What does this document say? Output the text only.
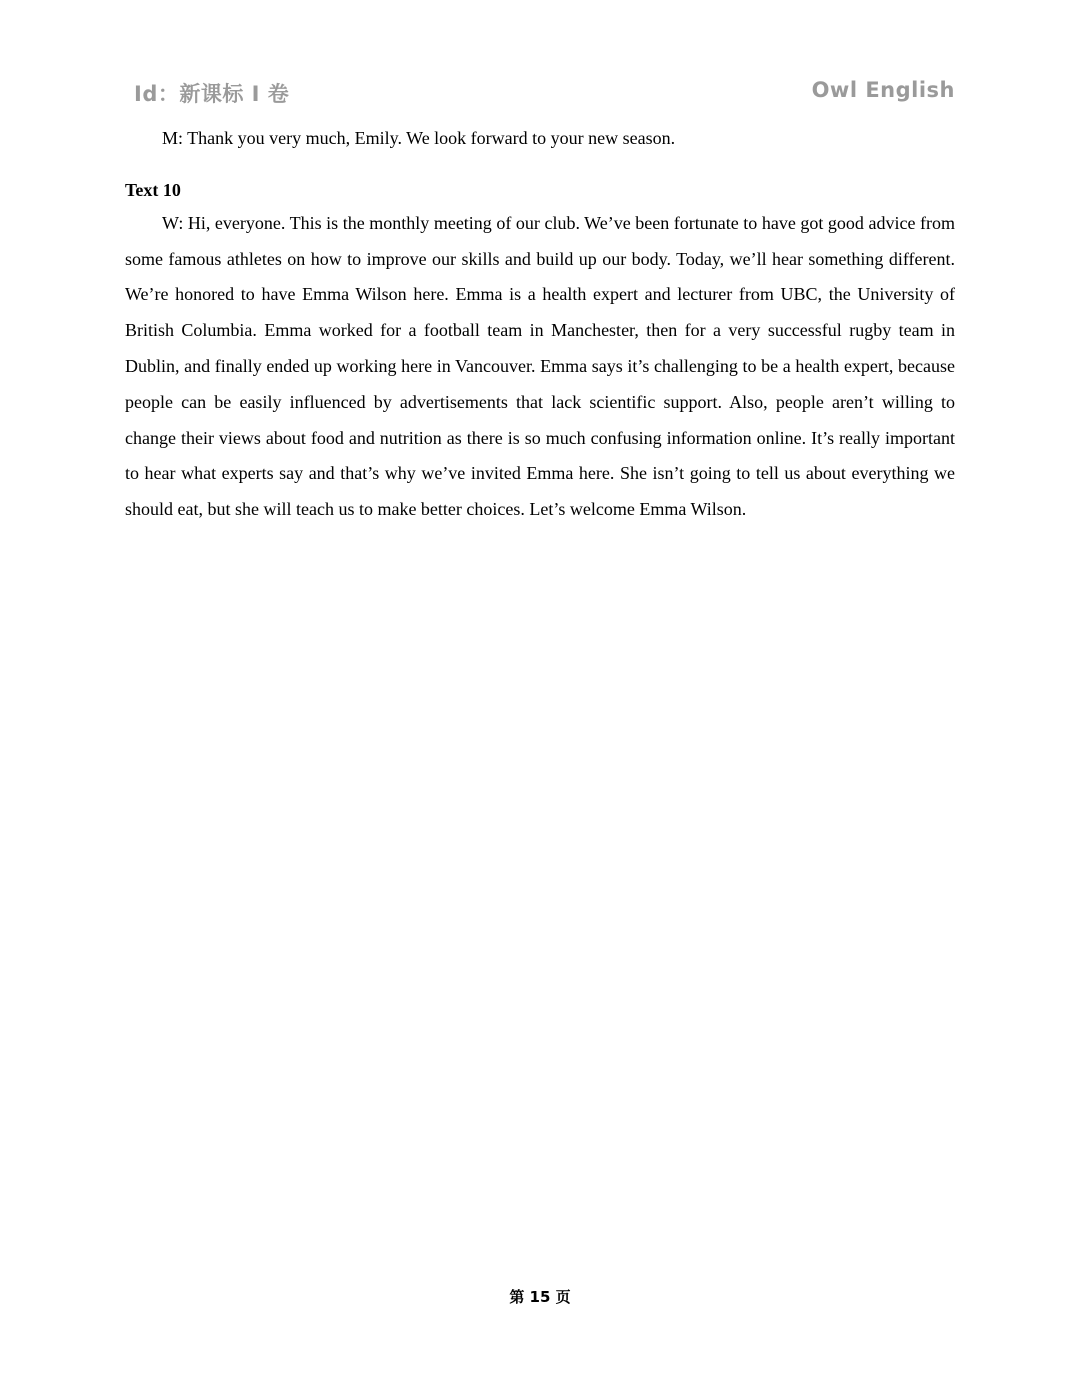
Id：新课标 I 卷	Owl English

M: Thank you very much, Emily. We look forward to your new season.

Text 10

W: Hi, everyone. This is the monthly meeting of our club. We’ve been fortunate to have got good advice from some famous athletes on how to improve our skills and build up our body. Today, we’ll hear something different. We’re honored to have Emma Wilson here. Emma is a health expert and lecturer from UBC, the University of British Columbia. Emma worked for a football team in Manchester, then for a very successful rugby team in Dublin, and finally ended up working here in Vancouver. Emma says it’s challenging to be a health expert, because people can be easily influenced by advertisements that lack scientific support. Also, people aren’t willing to change their views about food and nutrition as there is so much confusing information online. It’s really important to hear what experts say and that’s why we’ve invited Emma here. She isn’t going to tell us about everything we should eat, but she will teach us to make better choices. Let’s welcome Emma Wilson.

第 15 页
